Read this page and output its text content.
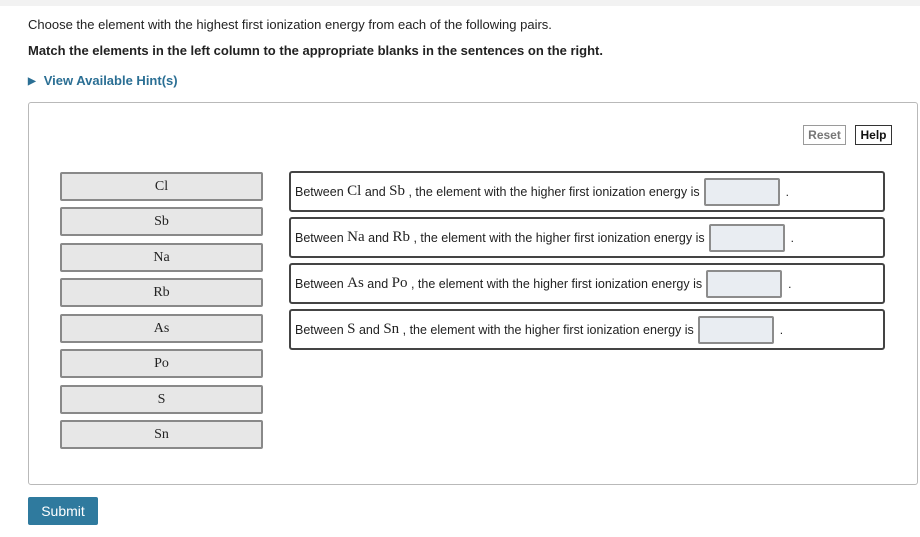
Choose the element with the highest first ionization energy from each of the following pairs.
Match the elements in the left column to the appropriate blanks in the sentences on the right.
▶ View Available Hint(s)
Reset	Help
Cl
Sb
Na
Rb
As
Po
S
Sn
Between
Cl
and
Sb
, the element with the higher first ionization energy is	.
Between
Na
and
Rb
, the element with the higher first ionization energy is	.
Between
As
and
Po
, the element with the higher first ionization energy is	.
Between
S
and
Sn
, the element with the higher first ionization energy is	.
Submit
